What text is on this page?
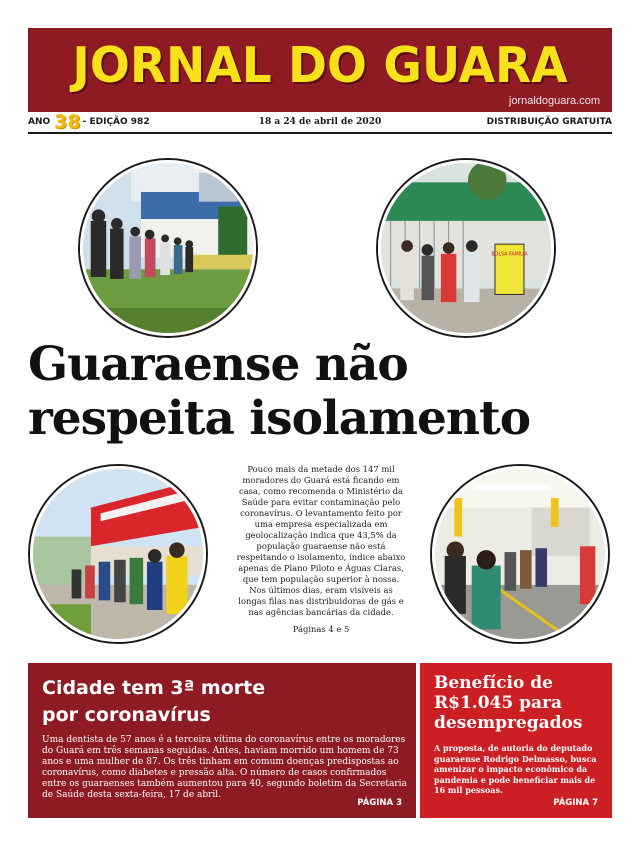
JORNAL DO GUARA
jornaldoguara.com
ANO 38 - EDIÇÃO 982	18 a 24 de abril de 2020	DISTRIBUIÇÃO GRATUITA
BOLSA FAMÍLIA
Guaraense não
respeita isolamento
Pouco mais da metade dos 147 mil moradores do Guará está ficando em casa, como recomenda o Ministério da Saúde para evitar contaminação pelo coronavírus. O levantamento feito por uma empresa especializada em geolocalização indica que 43,5% da população guaraense não está respeitando o isolamento, índice abaixo apenas de Plano Piloto e Águas Claras, que tem população superior à nossa. Nos últimos dias, eram visíveis as longas filas nas distribuidoras de gás e nas agências bancárias da cidade.
Páginas 4 e 5
Cidade tem 3ª morte
por coronavírus

Uma dentista de 57 anos é a terceira vítima do coronavírus entre os moradores do Guará em três semanas seguidas. Antes, haviam morrido um homem de 73 anos e uma mulher de 87. Os três tinham em comum doenças predispostas ao coronavírus, como diabetes e pressão alta. O número de casos confirmados entre os guaraenses também aumentou para 40, segundo boletim da Secretaria de Saúde desta sexta-feira, 17 de abril.

PÁGINA 3
Benefício de R$1.045 para desempregados

A proposta, de autoria do deputado guaraense Rodrigo Delmasso, busca amenizar o impacto econômico da pandemia e pode beneficiar mais de 16 mil pessoas.

PÁGINA 7
